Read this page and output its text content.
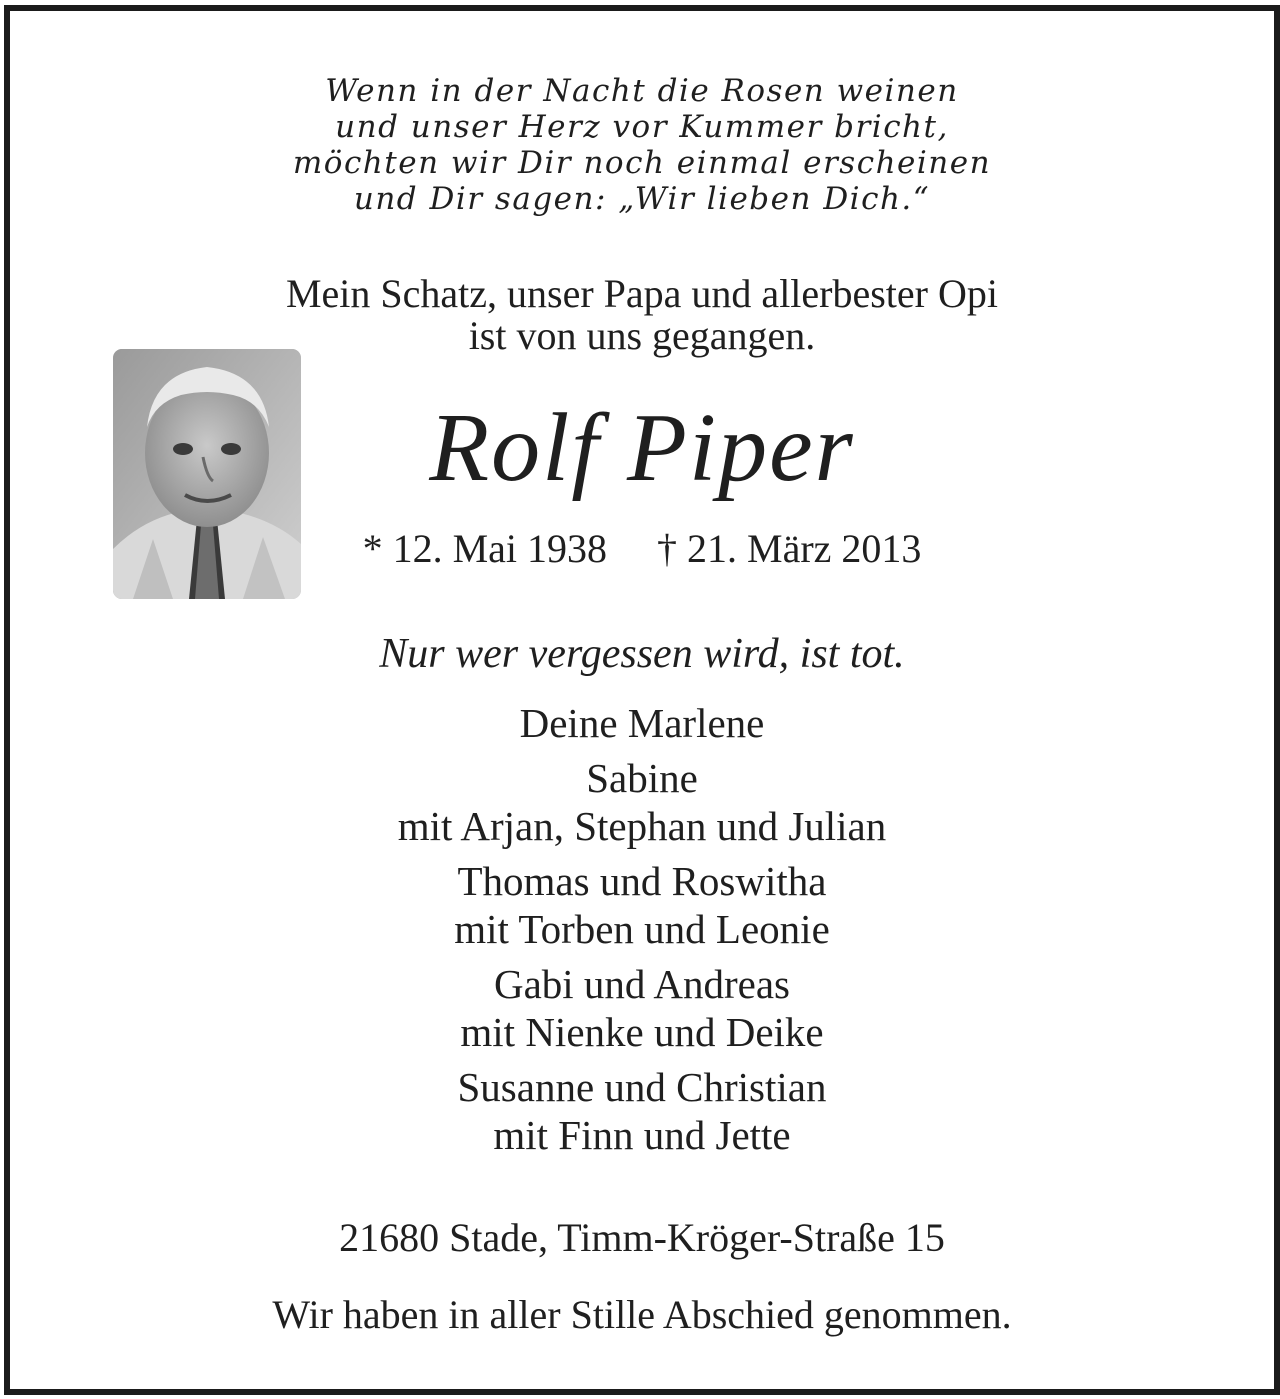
Wenn in der Nacht die Rosen weinen
und unser Herz vor Kummer bricht,
möchten wir Dir noch einmal erscheinen
und Dir sagen: „Wir lieben Dich.“
Mein Schatz, unser Papa und allerbester Opi
ist von uns gegangen.
Rolf Piper
* 12. Mai 1938 † 21. März 2013
Nur wer vergessen wird, ist tot.
Deine Marlene
Sabine
mit Arjan, Stephan und Julian
Thomas und Roswitha
mit Torben und Leonie
Gabi und Andreas
mit Nienke und Deike
Susanne und Christian
mit Finn und Jette
21680 Stade, Timm-Kröger-Straße 15
Wir haben in aller Stille Abschied genommen.
